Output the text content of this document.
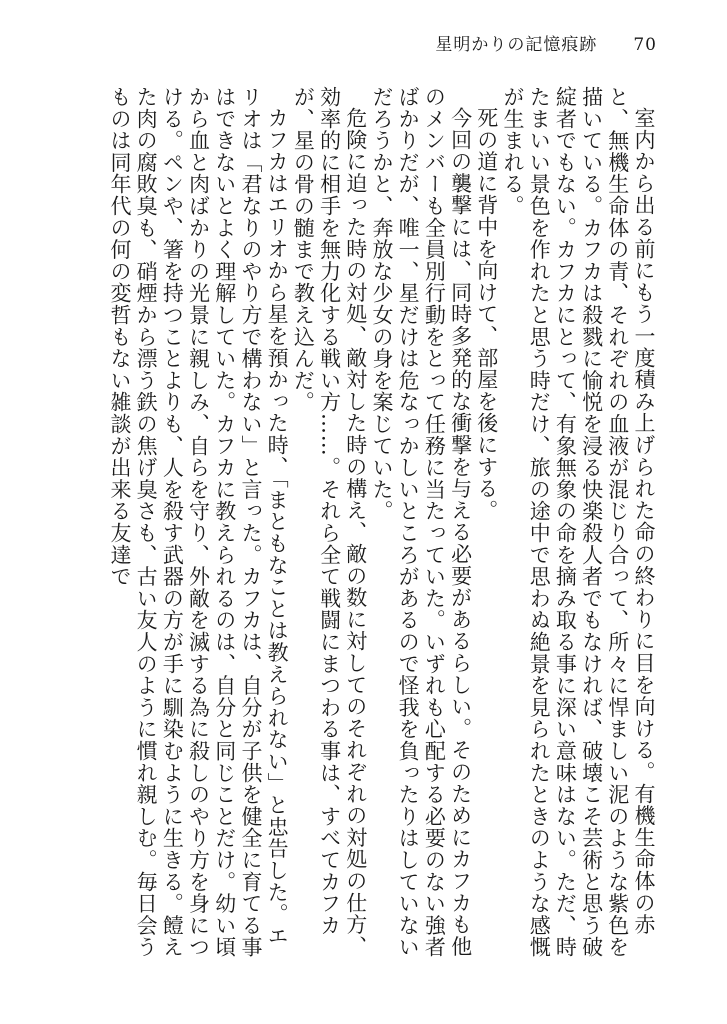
星明かりの記憶痕跡 70

室内から出る前にもう一度積み上げられた命の終わりに目を向ける。有機生命体の赤と、無機生命体の青、それぞれの血液が混じり合って、所々に悍ましい泥のような紫色を描いている。カフカは殺戮に愉悦を浸る快楽殺人者でもなければ、破壊こそ芸術と思う破綻者でもない。カフカにとって、有象無象の命を摘み取る事に深い意味はない。ただ、時たまいい景色を作れたと思う時だけ、旅の途中で思わぬ絶景を見られたときのような感慨が生まれる。

死の道に背中を向けて、部屋を後にする。

今回の襲撃には、同時多発的な衝撃を与える必要があるらしい。そのためにカフカも他のメンバーも全員別行動をとって任務に当たっていた。いずれも心配する必要のない強者ばかりだが、唯一、星だけは危なっかしいところがあるので怪我を負ったりはしていないだろうかと、奔放な少女の身を案じていた。

危険に迫った時の対処、敵対した時の構え、敵の数に対してのそれぞれの対処の仕方、効率的に相手を無力化する戦い方……。それら全て戦闘にまつわる事は、すべてカフカが、星の骨の髄まで教え込んだ。

カフカはエリオから星を預かった時、「まともなことは教えられない」と忠告した。エリオは「君なりのやり方で構わない」と言った。カフカは、自分が子供を健全に育てる事はできないとよく理解していた。カフカに教えられるのは、自分と同じことだけ。幼い頃から血と肉ばかりの光景に親しみ、自らを守り、外敵を滅する為に殺しのやり方を身につける。ペンや、箸を持つことよりも、人を殺す武器の方が手に馴染むように生きる。饐えた肉の腐敗臭も、硝煙から漂う鉄の焦げ臭さも、古い友人のように慣れ親しむ。毎日会うものは同年代の何の変哲もない雑談が出来る友達で
